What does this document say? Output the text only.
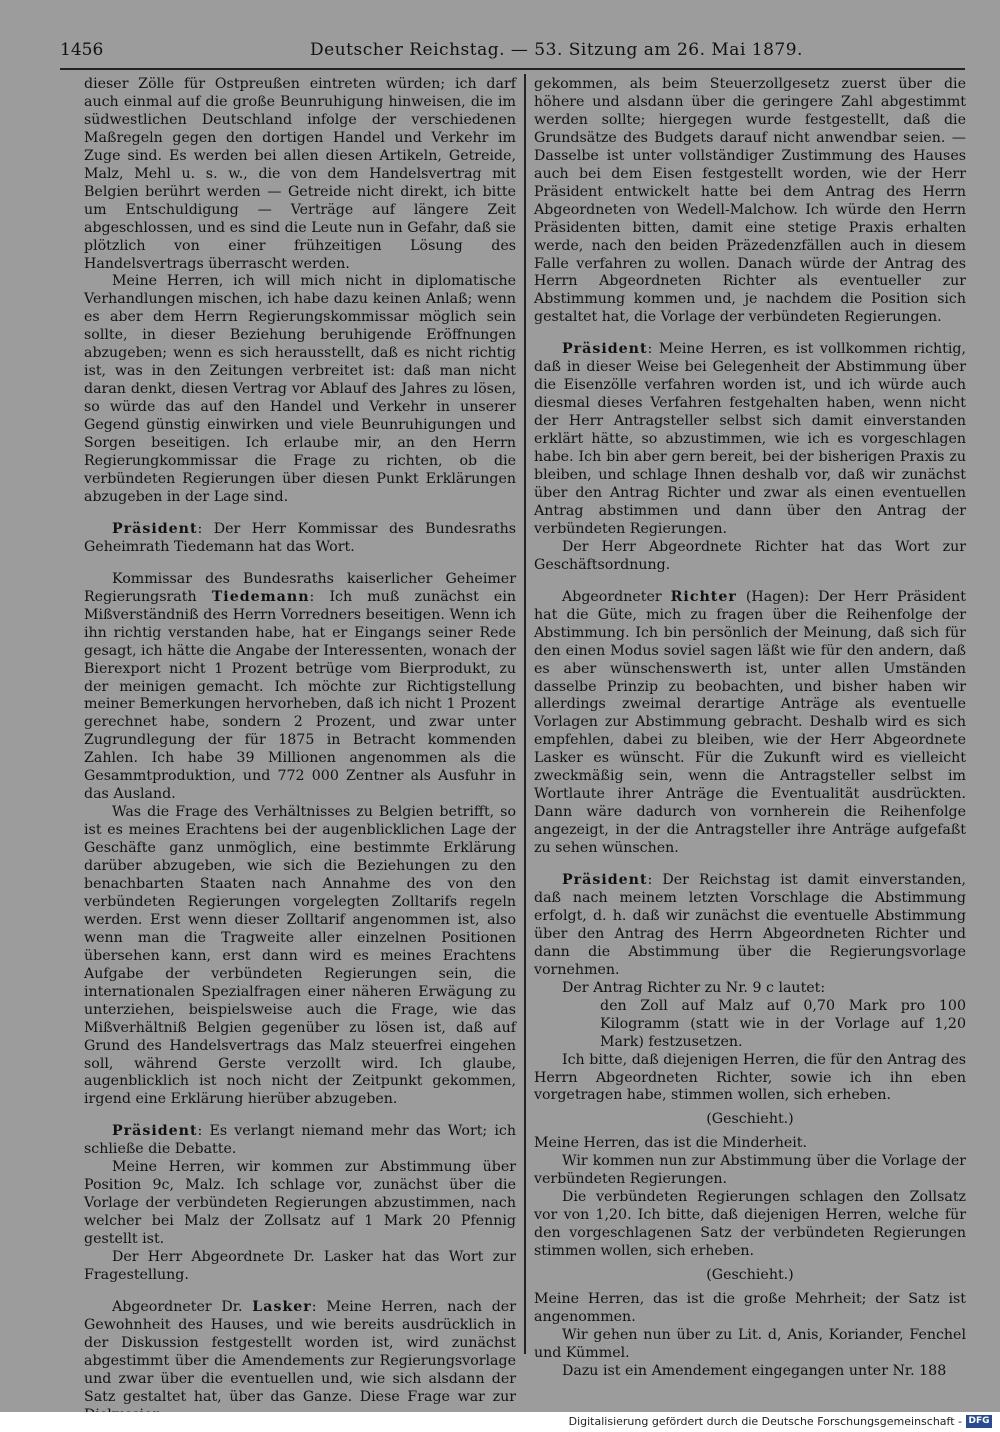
1456	Deutscher Reichstag. — 53. Sitzung am 26. Mai 1879.

dieser Zölle für Ostpreußen eintreten würden; ich darf auch einmal auf die große Beunruhigung hinweisen, die im südwestlichen Deutschland infolge der verschiedenen Maßregeln gegen den dortigen Handel und Verkehr im Zuge sind. Es werden bei allen diesen Artikeln, Getreide, Malz, Mehl u. s. w., die von dem Handelsvertrag mit Belgien berührt werden — Getreide nicht direkt, ich bitte um Entschuldigung — Verträge auf längere Zeit abgeschlossen, und es sind die Leute nun in Gefahr, daß sie plötzlich von einer frühzeitigen Lösung des Handelsvertrags überrascht werden.

Meine Herren, ich will mich nicht in diplomatische Verhandlungen mischen, ich habe dazu keinen Anlaß; wenn es aber dem Herrn Regierungskommissar möglich sein sollte, in dieser Beziehung beruhigende Eröffnungen abzugeben; wenn es sich herausstellt, daß es nicht richtig ist, was in den Zeitungen verbreitet ist: daß man nicht daran denkt, diesen Vertrag vor Ablauf des Jahres zu lösen, so würde das auf den Handel und Verkehr in unserer Gegend günstig einwirken und viele Beunruhigungen und Sorgen beseitigen. Ich erlaube mir, an den Herrn Regierungkommissar die Frage zu richten, ob die verbündeten Regierungen über diesen Punkt Erklärungen abzugeben in der Lage sind.

Präsident: Der Herr Kommissar des Bundesraths Geheimrath Tiedemann hat das Wort.

Kommissar des Bundesraths kaiserlicher Geheimer Regierungsrath Tiedemann: Ich muß zunächst ein Mißverständniß des Herrn Vorredners beseitigen. Wenn ich ihn richtig verstanden habe, hat er Eingangs seiner Rede gesagt, ich hätte die Angabe der Interessenten, wonach der Bierexport nicht 1 Prozent betrüge vom Bierprodukt, zu der meinigen gemacht. Ich möchte zur Richtigstellung meiner Bemerkungen hervorheben, daß ich nicht 1 Prozent gerechnet habe, sondern 2 Prozent, und zwar unter Zugrundlegung der für 1875 in Betracht kommenden Zahlen. Ich habe 39 Millionen angenommen als die Gesammtproduktion, und 772 000 Zentner als Ausfuhr in das Ausland.

Was die Frage des Verhältnisses zu Belgien betrifft, so ist es meines Erachtens bei der augenblicklichen Lage der Geschäfte ganz unmöglich, eine bestimmte Erklärung darüber abzugeben, wie sich die Beziehungen zu den benachbarten Staaten nach Annahme des von den verbündeten Regierungen vorgelegten Zolltarifs regeln werden. Erst wenn dieser Zolltarif angenommen ist, also wenn man die Tragweite aller einzelnen Positionen übersehen kann, erst dann wird es meines Erachtens Aufgabe der verbündeten Regierungen sein, die internationalen Spezialfragen einer näheren Erwägung zu unterziehen, beispielsweise auch die Frage, wie das Mißverhältniß Belgien gegenüber zu lösen ist, daß auf Grund des Handelsvertrags das Malz steuerfrei eingehen soll, während Gerste verzollt wird. Ich glaube, augenblicklich ist noch nicht der Zeitpunkt gekommen, irgend eine Erklärung hierüber abzugeben.

Präsident: Es verlangt niemand mehr das Wort; ich schließe die Debatte.

Meine Herren, wir kommen zur Abstimmung über Position 9c, Malz. Ich schlage vor, zunächst über die Vorlage der verbündeten Regierungen abzustimmen, nach welcher bei Malz der Zollsatz auf 1 Mark 20 Pfennig gestellt ist.

Der Herr Abgeordnete Dr. Lasker hat das Wort zur Fragestellung.

Abgeordneter Dr. Lasker: Meine Herren, nach der Gewohnheit des Hauses, und wie bereits ausdrücklich in der Diskussion festgestellt worden ist, wird zunächst abgestimmt über die Amendements zur Regierungsvorlage und zwar über die eventuellen und, wie sich alsdann der Satz gestaltet hat, über das Ganze. Diese Frage war zur

gekommen, als beim Steuerzollgesetz zuerst über die höhere und alsdann über die geringere Zahl abgestimmt werden sollte; hiergegen wurde festgestellt, daß die Grundsätze des Budgets darauf nicht anwendbar seien. — Dasselbe ist unter vollständiger Zustimmung des Hauses auch bei dem Eisen festgestellt worden, wie der Herr Präsident entwickelt hatte bei dem Antrag des Herrn Abgeordneten von Wedell-Malchow. Ich würde den Herrn Präsidenten bitten, damit eine stetige Praxis erhalten werde, nach den beiden Präzedenzfällen auch in diesem Falle verfahren zu wollen. Danach würde der Antrag des Herrn Abgeordneten Richter als eventueller zur Abstimmung kommen und, je nachdem die Position sich gestaltet hat, die Vorlage der verbündeten Regierungen.

Präsident: Meine Herren, es ist vollkommen richtig, daß in dieser Weise bei Gelegenheit der Abstimmung über die Eisenzölle verfahren worden ist, und ich würde auch diesmal dieses Verfahren festgehalten haben, wenn nicht der Herr Antragsteller selbst sich damit einverstanden erklärt hätte, so abzustimmen, wie ich es vorgeschlagen habe. Ich bin aber gern bereit, bei der bisherigen Praxis zu bleiben, und schlage Ihnen deshalb vor, daß wir zunächst über den Antrag Richter und zwar als einen eventuellen Antrag abstimmen und dann über den Antrag der verbündeten Regierungen.

Der Herr Abgeordnete Richter hat das Wort zur Geschäftsordnung.

Abgeordneter Richter (Hagen): Der Herr Präsident hat die Güte, mich zu fragen über die Reihenfolge der Abstimmung. Ich bin persönlich der Meinung, daß sich für den einen Modus soviel sagen läßt wie für den andern, daß es aber wünschenswerth ist, unter allen Umständen dasselbe Prinzip zu beobachten, und bisher haben wir allerdings zweimal derartige Anträge als eventuelle Vorlagen zur Abstimmung gebracht. Deshalb wird es sich empfehlen, dabei zu bleiben, wie der Herr Abgeordnete Lasker es wünscht. Für die Zukunft wird es vielleicht zweckmäßig sein, wenn die Antragsteller selbst im Wortlaute ihrer Anträge die Eventualität ausdrückten. Dann wäre dadurch von vornherein die Reihenfolge angezeigt, in der die Antragsteller ihre Anträge aufgefaßt zu sehen wünschen.

Präsident: Der Reichstag ist damit einverstanden, daß nach meinem letzten Vorschlage die Abstimmung erfolgt, d. h. daß wir zunächst die eventuelle Abstimmung über den Antrag des Herrn Abgeordneten Richter und dann die Abstimmung über die Regierungsvorlage vornehmen.

Der Antrag Richter zu Nr. 9 c lautet:

den Zoll auf Malz auf 0,70 Mark pro 100 Kilogramm (statt wie in der Vorlage auf 1,20 Mark) festzusetzen.

Ich bitte, daß diejenigen Herren, die für den Antrag des Herrn Abgeordneten Richter, sowie ich ihn eben vorgetragen habe, stimmen wollen, sich erheben.

(Geschieht.)

Meine Herren, das ist die Minderheit.

Wir kommen nun zur Abstimmung über die Vorlage der verbündeten Regierungen.

Die verbündeten Regierungen schlagen den Zollsatz vor von 1,20. Ich bitte, daß diejenigen Herren, welche für den vorgeschlagenen Satz der verbündeten Regierungen stimmen wollen, sich erheben.

(Geschieht.)

Meine Herren, das ist die große Mehrheit; der Satz ist angenommen.

Wir gehen nun über zu Lit. d, Anis, Koriander, Fenchel und Kümmel.

Dazu ist ein Amendement eingegangen unter Nr. 188

Digitalisierung gefördert durch die Deutsche Forschungsgemeinschaft - DFG
